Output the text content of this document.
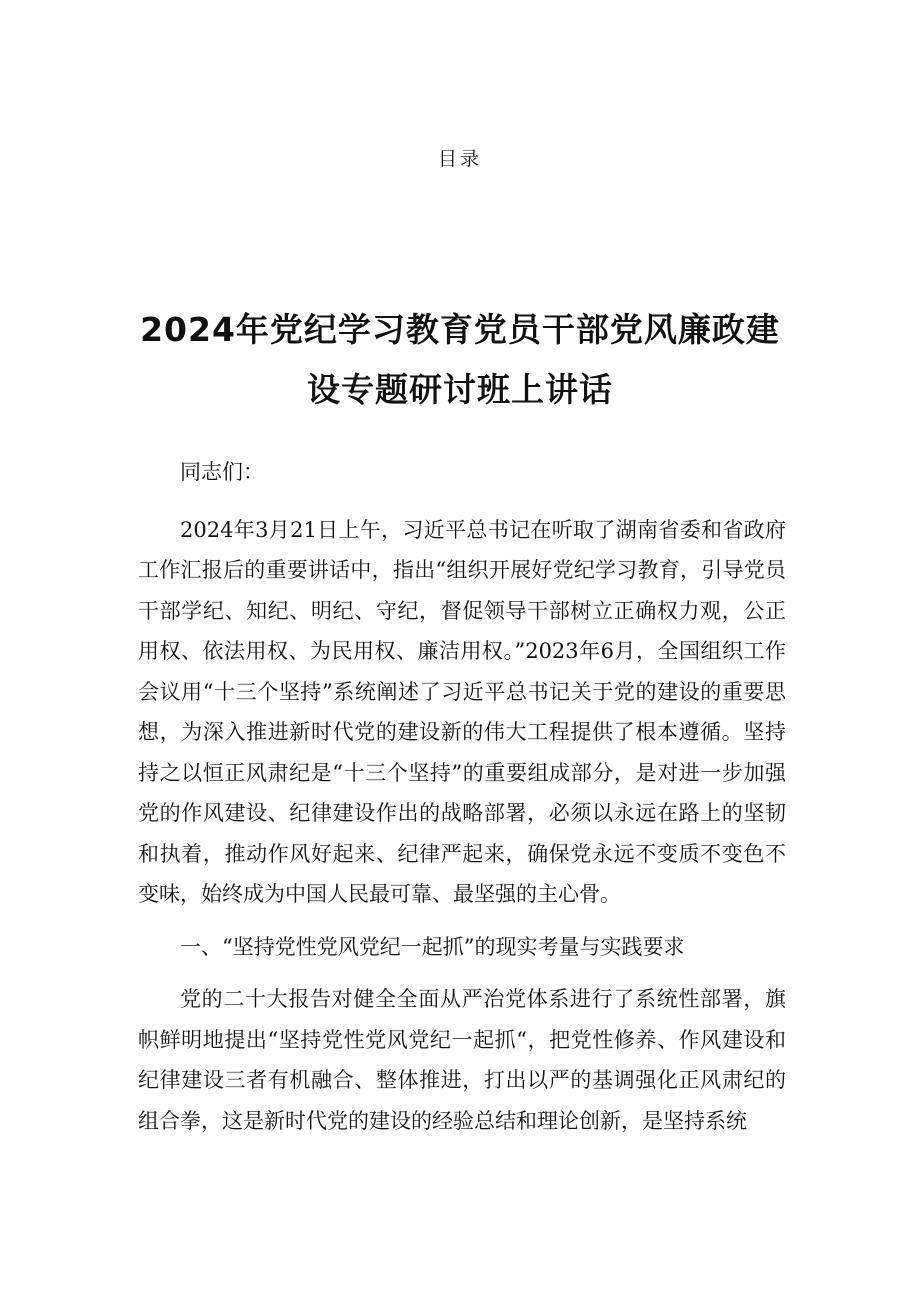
目录
2024年党纪学习教育党员干部党风廉政建
设专题研讨班上讲话

同志们：

2024年3月21日上午，习近平总书记在听取了湖南省委和省政府工作汇报后的重要讲话中，指出“组织开展好党纪学习教育，引导党员干部学纪、知纪、明纪、守纪，督促领导干部树立正确权力观，公正用权、依法用权、为民用权、廉洁用权。”2023年6月，全国组织工作会议用“十三个坚持”系统阐述了习近平总书记关于党的建设的重要思想，为深入推进新时代党的建设新的伟大工程提供了根本遵循。坚持持之以恒正风肃纪是“十三个坚持”的重要组成部分，是对进一步加强党的作风建设、纪律建设作出的战略部署，必须以永远在路上的坚韧和执着，推动作风好起来、纪律严起来，确保党永远不变质不变色不变味，始终成为中国人民最可靠、最坚强的主心骨。

一、“坚持党性党风党纪一起抓”的现实考量与实践要求

党的二十大报告对健全全面从严治党体系进行了系统性部署，旗帜鲜明地提出“坚持党性党风党纪一起抓“，把党性修养、作风建设和纪律建设三者有机融合、整体推进，打出以严的基调强化正风肃纪的组合拳，这是新时代党的建设的经验总结和理论创新，是坚持系统
